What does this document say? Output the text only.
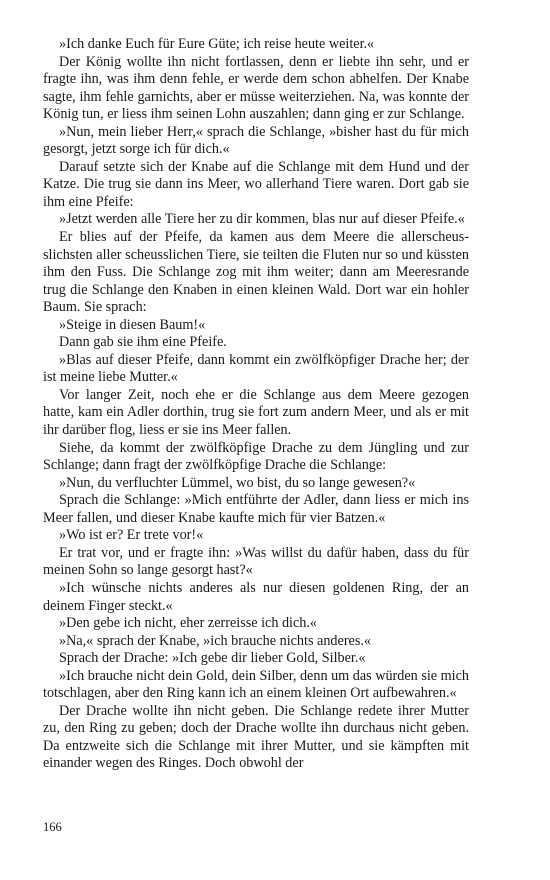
»Ich danke Euch für Eure Güte; ich reise heute weiter.«

Der König wollte ihn nicht fortlassen, denn er liebte ihn sehr, und er fragte ihn, was ihm denn fehle, er werde dem schon abhelfen. Der Knabe sagte, ihm fehle garnichts, aber er müsse weiterziehen. Na, was konnte der König tun, er liess ihm seinen Lohn auszahlen; dann ging er zur Schlange.

»Nun, mein lieber Herr,« sprach die Schlange, »bisher hast du für mich gesorgt, jetzt sorge ich für dich.«

Darauf setzte sich der Knabe auf die Schlange mit dem Hund und der Katze. Die trug sie dann ins Meer, wo allerhand Tiere waren. Dort gab sie ihm eine Pfeife:

»Jetzt werden alle Tiere her zu dir kommen, blas nur auf dieser Pfeife.«

Er blies auf der Pfeife, da kamen aus dem Meere die allerscheusslichsten aller scheusslichen Tiere, sie teilten die Fluten nur so und küssten ihm den Fuss. Die Schlange zog mit ihm weiter; dann am Meeresrande trug die Schlange den Knaben in einen kleinen Wald. Dort war ein hohler Baum. Sie sprach:

»Steige in diesen Baum!«

Dann gab sie ihm eine Pfeife.

»Blas auf dieser Pfeife, dann kommt ein zwölfköpfiger Drache her; der ist meine liebe Mutter.«

Vor langer Zeit, noch ehe er die Schlange aus dem Meere gezogen hatte, kam ein Adler dorthin, trug sie fort zum andern Meer, und als er mit ihr darüber flog, liess er sie ins Meer fallen.

Siehe, da kommt der zwölfköpfige Drache zu dem Jüngling und zur Schlange; dann fragt der zwölfköpfige Drache die Schlange:

»Nun, du verfluchter Lümmel, wo bist, du so lange gewesen?«

Sprach die Schlange: »Mich entführte der Adler, dann liess er mich ins Meer fallen, und dieser Knabe kaufte mich für vier Batzen.«

»Wo ist er? Er trete vor!«

Er trat vor, und er fragte ihn: »Was willst du dafür haben, dass du für meinen Sohn so lange gesorgt hast?«

»Ich wünsche nichts anderes als nur diesen goldenen Ring, der an deinem Finger steckt.«

»Den gebe ich nicht, eher zerreisse ich dich.«

»Na,« sprach der Knabe, »ich brauche nichts anderes.«

Sprach der Drache: »Ich gebe dir lieber Gold, Silber.«

»Ich brauche nicht dein Gold, dein Silber, denn um das würden sie mich totschlagen, aber den Ring kann ich an einem kleinen Ort aufbewahren.«

Der Drache wollte ihn nicht geben. Die Schlange redete ihrer Mutter zu, den Ring zu geben; doch der Drache wollte ihn durchaus nicht geben. Da entzweite sich die Schlange mit ihrer Mutter, und sie kämpften mit einander wegen des Ringes. Doch obwohl der

166
